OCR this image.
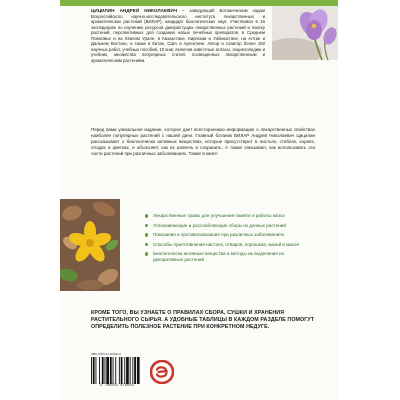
ЦИЦИЛИН АНДРЕЙ НИКОЛАЕВИЧ – заведующий Ботаническим садом Всероссийского научно-исследовательского института лекарственных и ароматических растений (ВИЛАР), кандидат биологических наук. Участвовал в 16 экспедициях по изучению ресурсов дикорастущих лекарственных растений и поиску растений, перспективных для создания новых лечебных препаратов, в Среднем Поволжье и на Южном Урале, в Казахстане, Киргизии и Узбекистане, на Алтае и Дальнем Востоке, а также в Китае, США и Аргентине. Автор и соавтор более 150 научных работ, учебных пособий, 10 книг, включая известные атласы, энциклопедию и учебник, множества популярных статей, посвященных лекарственным и ароматическим растениям.
Перед вами уникальное издание, которое дает всестороннюю информацию о лекарственных свойствах наиболее популярных растений с нашей дачи. Главный ботаник ВИЛАР Андрей Николаевич Цицилин рассказывает о биологически активных веществах, которые присутствуют в листьях, стеблях, корнях, плодах и цветках, и объясняет, как их извлечь и сохранить. А также описывает, как использовать эти части растений при различных заболеваниях. Также в книге:
Лекарственные травы для улучшения памяти и работы мозга
Успокаивающие и расслабляющие сборы из дачных растений
Показания и противопоказания при различных заболеваниях
Способы приготовления настоек, отваров, порошков, мазей и масел
Биологически активные вещества и методы их выделения из декоративных растений
КРОМЕ ТОГО, ВЫ УЗНАЕТЕ О ПРАВИЛАХ СБОРА, СУШКИ И ХРАНЕНИЯ РАСТИТЕЛЬНОГО СЫРЬЯ. А УДОБНЫЕ ТАБЛИЦЫ В КАЖДОМ РАЗДЕЛЕ ПОМОГУТ ОПРЕДЕЛИТЬ ПОЛЕЗНОЕ РАСТЕНИЕ ПРИ КОНКРЕТНОМ НЕДУГЕ.
ISBN 978-5-04-187902-0
9 785041 879020
